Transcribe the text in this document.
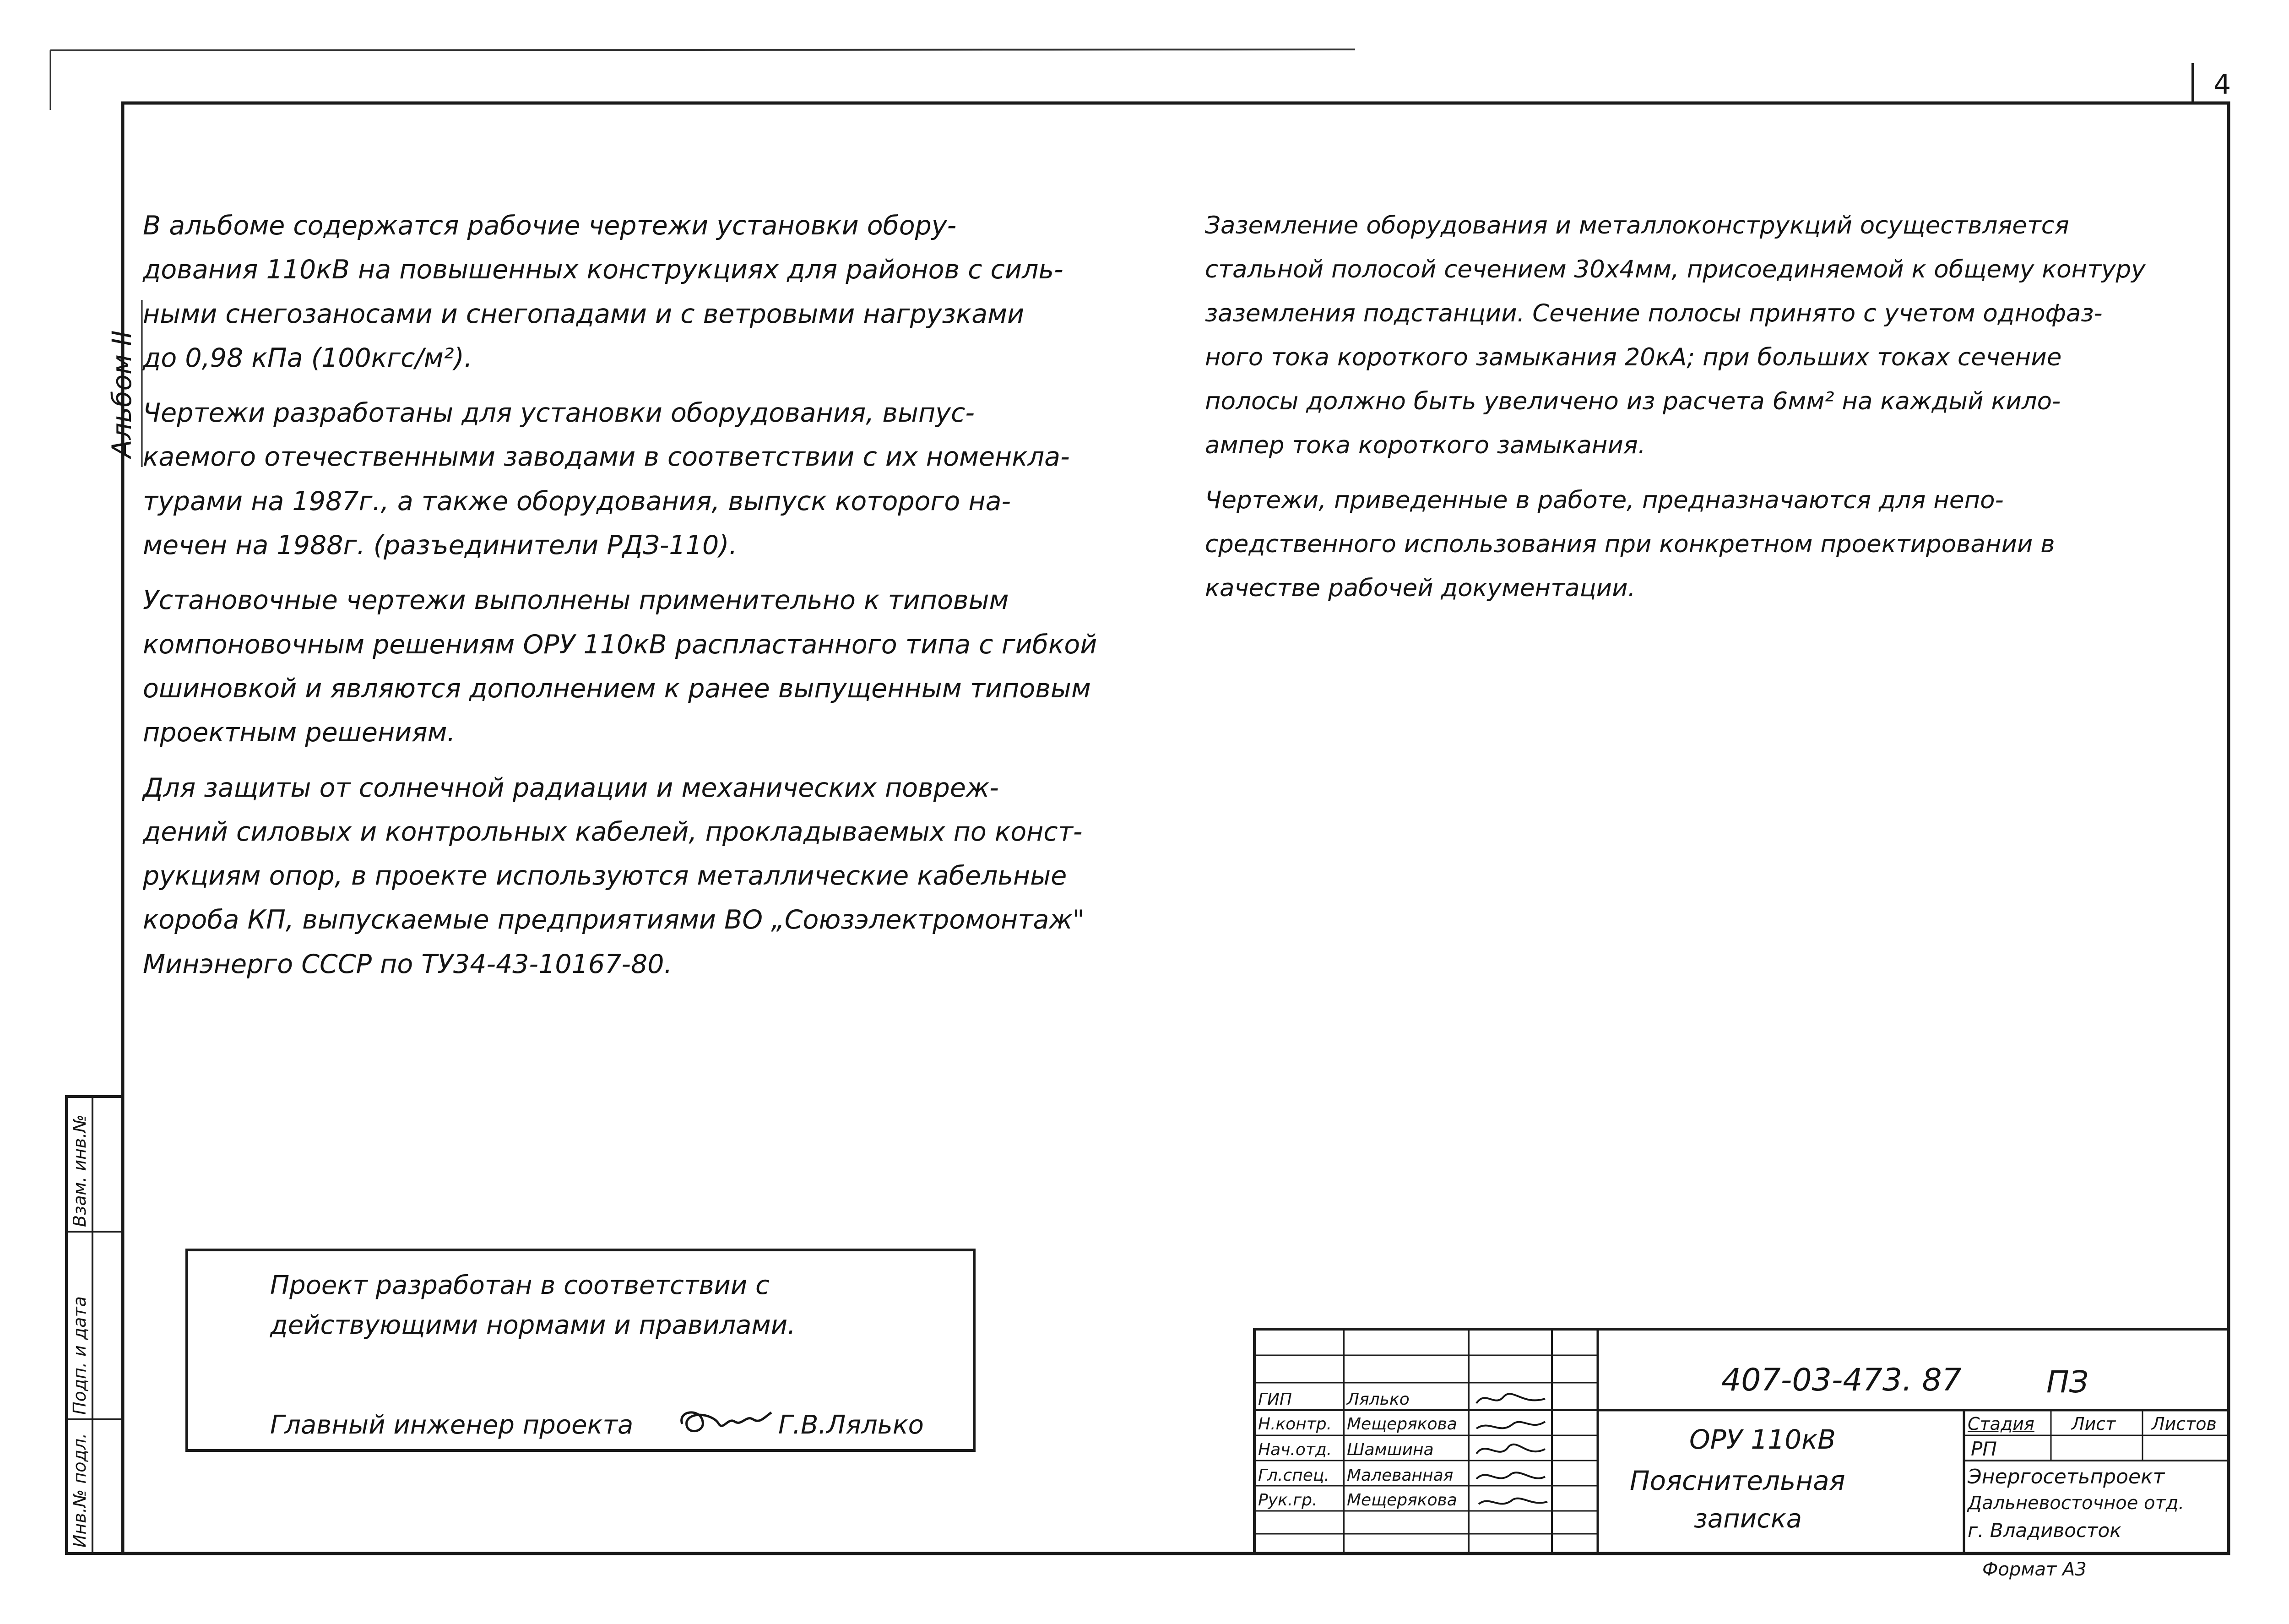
4
Альбом II
В альбоме содержатся рабочие чертежи установки обору-
дования 110кВ на повышенных конструкциях для районов с силь-
ными снегозаносами и снегопадами и с ветровыми нагрузками
до 0,98 кПа (100кгс/м²).
Чертежи разработаны для установки оборудования, выпус-
каемого отечественными заводами в соответствии с их номенкла-
турами на 1987г., а также оборудования, выпуск которого на-
мечен на 1988г. (разъединители РДЗ-110).
Установочные чертежи выполнены применительно к типовым
компоновочным решениям ОРУ 110кВ распластанного типа с гибкой
ошиновкой и являются дополнением к ранее выпущенным типовым
проектным решениям.
Для защиты от солнечной радиации и механических повреж-
дений силовых и контрольных кабелей, прокладываемых по конст-
рукциям опор, в проекте используются металлические кабельные
короба КП, выпускаемые предприятиями ВО „Союзэлектромонтаж"
Минэнерго СССР по ТУ34-43-10167-80.
Заземление оборудования и металлоконструкций осуществляется
стальной полосой сечением 30х4мм, присоединяемой к общему контуру
заземления подстанции. Сечение полосы принято с учетом однофаз-
ного тока короткого замыкания 20кА; при больших токах сечение
полосы должно быть увеличено из расчета 6мм² на каждый кило-
ампер тока короткого замыкания.
Чертежи, приведенные в работе, предназначаются для непо-
средственного использования при конкретном проектировании в
качестве рабочей документации.
Проект разработан в соответствии с
действующими нормами и правилами.
Главный инженер проекта	Г.В.Лялько
Инв.№ подл.
Подп. и дата
Взам. инв.№
ГИП	Лялько
Н.контр. Мещерякова
Нач.отд. Шамшина
Гл.спец. Малеванная
Рук.гр. Мещерякова
407-03-473. 87	ПЗ
ОРУ 110кВ
Пояснительная
записка
Стадия Лист Листов
РП
Энергосетьпроект
Дальневосточное отд.
г. Владивосток
Формат А3
